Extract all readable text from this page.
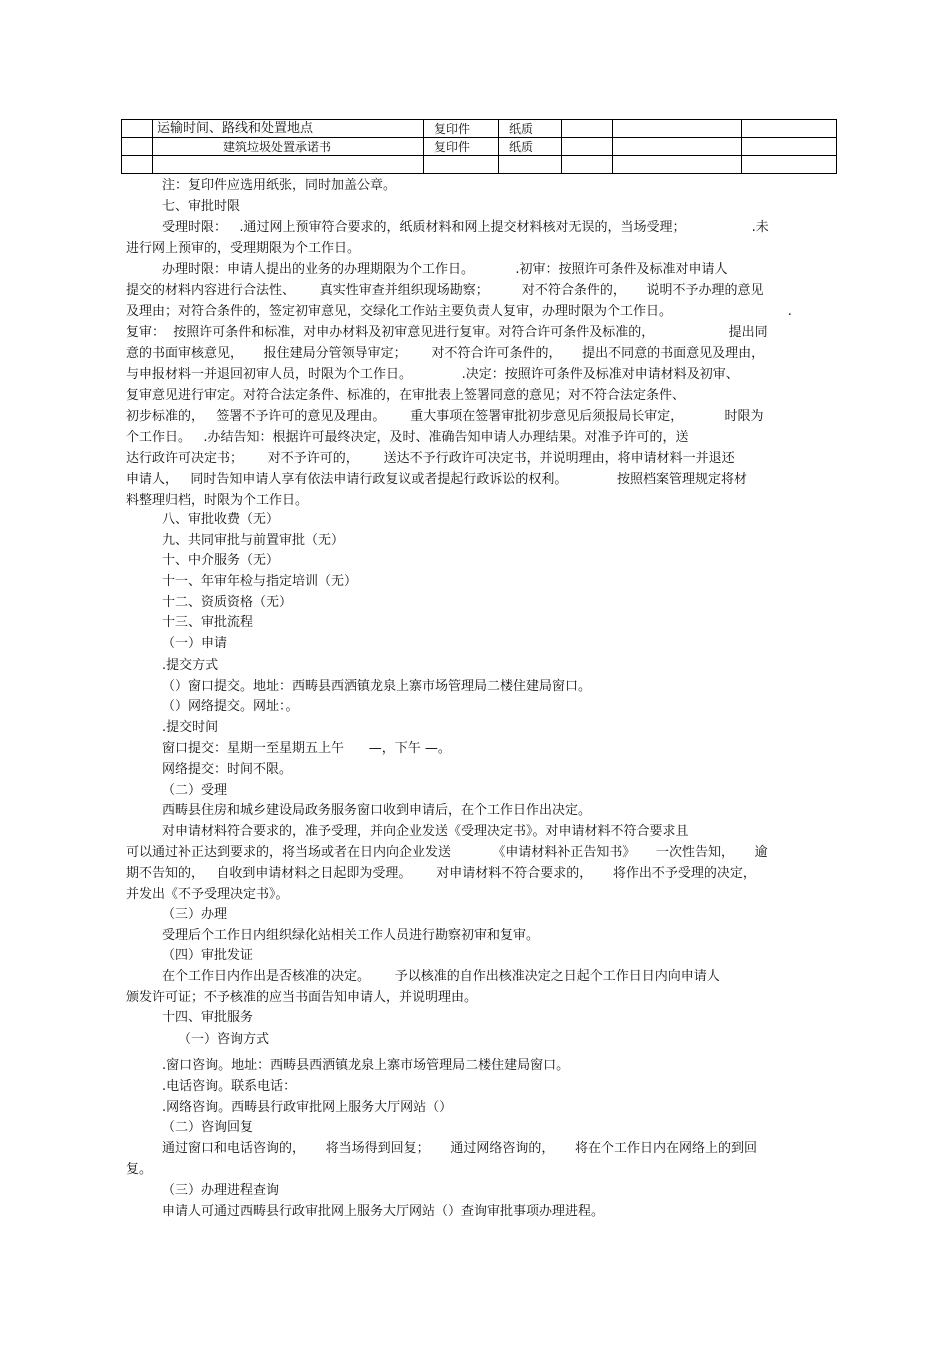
	运输时间、路线和处置地点	复印件	纸质			
	建筑垃圾处置承诺书	复印件	纸质			

注：复印件应选用纸张，同时加盖公章。
七、审批时限
受理时限：   .通过网上预审符合要求的，纸质材料和网上提交材料核对无误的，当场受理；                .未
进行网上预审的，受理期限为个工作日。
办理时限：申请人提出的业务的办理期限为个工作日。          .初审：按照许可条件及标准对申请人
提交的材料内容进行合法性、      真实性审查并组织现场勘察；        对不符合条件的，     说明不予办理的意见
及理由；对符合条件的，签定初审意见，交绿化工作站主要负责人复审，办理时限为个工作日。                            .
复审：  按照许可条件和标准，对申办材料及初审意见进行复审。对符合许可条件及标准的，                  提出同
意的书面审核意见，     报住建局分管领导审定；      对不符合许可条件的，     提出不同意的书面意见及理由，
与申报材料一并退回初审人员，时限为个工作日。            .决定：按照许可条件及标准对申请材料及初审、
复审意见进行审定。对符合法定条件、标准的，在审批表上签署同意的意见；对不符合法定条件、
初步标准的，   签署不予许可的意见及理由。      重大事项在签署审批初步意见后须报局长审定，          时限为
个工作日。   .办结告知：根据许可最终决定，及时、准确告知申请人办理结果。对准予许可的，送
达行政许可决定书；      对不予许可的，      送达不予行政许可决定书，并说明理由，将申请材料一并退还
申请人，   同时告知申请人享有依法申请行政复议或者提起行政诉讼的权利。            按照档案管理规定将材
料整理归档，时限为个工作日。
八、审批收费（无）
九、共同审批与前置审批（无）
十、中介服务（无）
十一、年审年检与指定培训（无）
十二、资质资格（无）
十三、审批流程
（一）申请
.提交方式
（）窗口提交。地址：西畴县西洒镇龙泉上寨市场管理局二楼住建局窗口。
（）网络提交。网址：。
.提交时间
窗口提交：星期一至星期五上午      —，下午 —。
网络提交：时间不限。
（二）受理
西畴县住房和城乡建设局政务服务窗口收到申请后，在个工作日作出决定。
对申请材料符合要求的，准予受理，并向企业发送《受理决定书》。对申请材料不符合要求且
可以通过补正达到要求的，将当场或者在日内向企业发送          《申请材料补正告知书》     一次性告知，     逾
期不告知的，   自收到申请材料之日起即为受理。      对申请材料不符合要求的，     将作出不予受理的决定，
并发出《不予受理决定书》。
（三）办理
受理后个工作日内组织绿化站相关工作人员进行勘察初审和复审。
（四）审批发证
在个工作日内作出是否核准的决定。      予以核准的自作出核准决定之日起个工作日日内向申请人
颁发许可证；不予核准的应当书面告知申请人，并说明理由。
十四、审批服务
（一）咨询方式
.窗口咨询。地址：西畴县西洒镇龙泉上寨市场管理局二楼住建局窗口。
.电话咨询。联系电话：
.网络咨询。西畴县行政审批网上服务大厅网站（）
（二）咨询回复
通过窗口和电话咨询的，     将当场得到回复；     通过网络咨询的，     将在个工作日内在网络上的到回
复。
（三）办理进程查询
申请人可通过西畴县行政审批网上服务大厅网站（）查询审批事项办理进程。
